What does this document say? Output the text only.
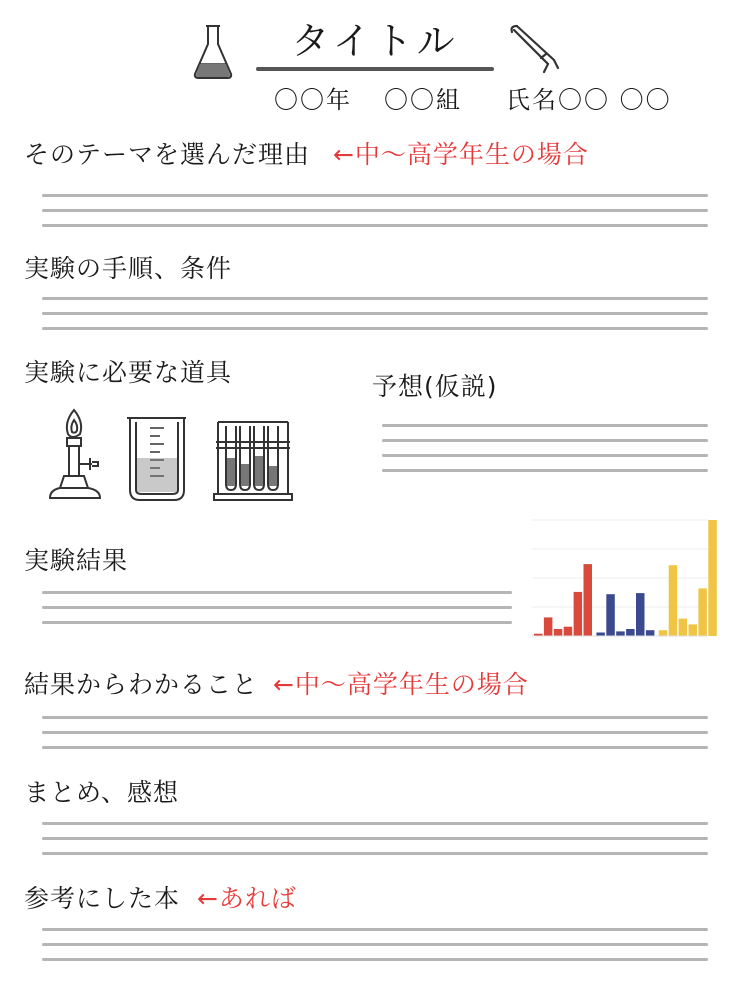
タイトル
〇〇年 〇〇組 氏名〇〇 〇〇
そのテーマを選んだ理由 ←中～高学年生の場合
実験の手順、条件
実験に必要な道具	予想(仮説)
実験結果
結果からわかること ←中～高学年生の場合
まとめ、感想
参考にした本 ←あれば
